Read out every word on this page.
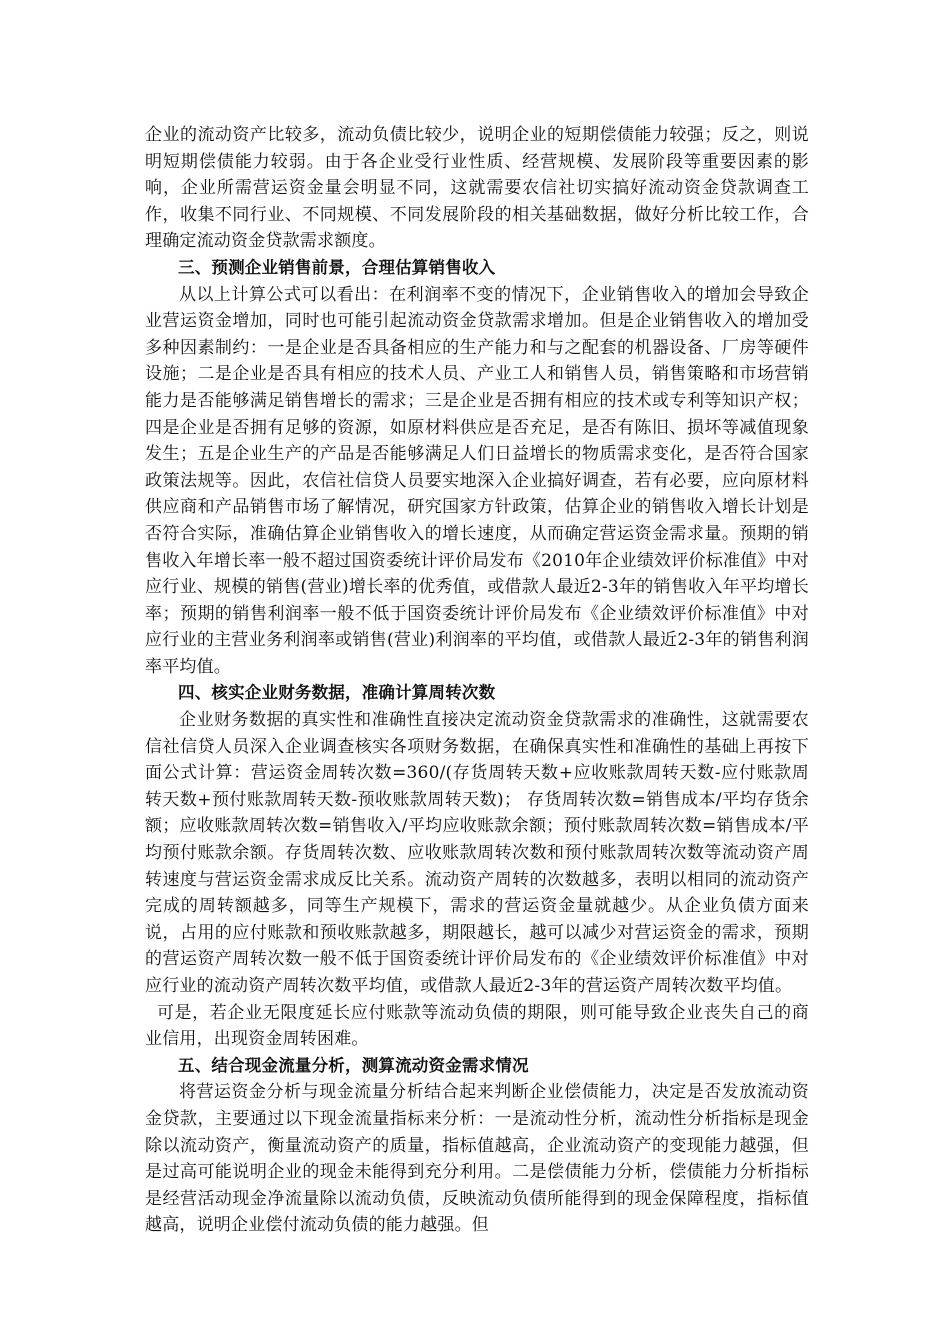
企业的流动资产比较多，流动负债比较少，说明企业的短期偿债能力较强；反之，则说明短期偿债能力较弱。由于各企业受行业性质、经营规模、发展阶段等重要因素的影响，企业所需营运资金量会明显不同，这就需要农信社切实搞好流动资金贷款调查工作，收集不同行业、不同规模、不同发展阶段的相关基础数据，做好分析比较工作，合理确定流动资金贷款需求额度。

三、预测企业销售前景，合理估算销售收入

从以上计算公式可以看出：在利润率不变的情况下，企业销售收入的增加会导致企业营运资金增加，同时也可能引起流动资金贷款需求增加。但是企业销售收入的增加受多种因素制约：一是企业是否具备相应的生产能力和与之配套的机器设备、厂房等硬件设施；二是企业是否具有相应的技术人员、产业工人和销售人员，销售策略和市场营销能力是否能够满足销售增长的需求；三是企业是否拥有相应的技术或专利等知识产权；四是企业是否拥有足够的资源，如原材料供应是否充足，是否有陈旧、损坏等减值现象发生；五是企业生产的产品是否能够满足人们日益增长的物质需求变化，是否符合国家政策法规等。因此，农信社信贷人员要实地深入企业搞好调查，若有必要，应向原材料供应商和产品销售市场了解情况，研究国家方针政策，估算企业的销售收入增长计划是否符合实际，准确估算企业销售收入的增长速度，从而确定营运资金需求量。预期的销售收入年增长率一般不超过国资委统计评价局发布《2010年企业绩效评价标准值》中对应行业、规模的销售(营业)增长率的优秀值，或借款人最近2-3年的销售收入年平均增长率；预期的销售利润率一般不低于国资委统计评价局发布《企业绩效评价标准值》中对应行业的主营业务利润率或销售(营业)利润率的平均值，或借款人最近2-3年的销售利润率平均值。

四、核实企业财务数据，准确计算周转次数

企业财务数据的真实性和准确性直接决定流动资金贷款需求的准确性，这就需要农信社信贷人员深入企业调查核实各项财务数据，在确保真实性和准确性的基础上再按下面公式计算：营运资金周转次数=360/(存货周转天数+应收账款周转天数-应付账款周转天数+预付账款周转天数-预收账款周转天数)； 存货周转次数=销售成本/平均存货余额；应收账款周转次数=销售收入/平均应收账款余额；预付账款周转次数=销售成本/平均预付账款余额。存货周转次数、应收账款周转次数和预付账款周转次数等流动资产周转速度与营运资金需求成反比关系。流动资产周转的次数越多，表明以相同的流动资产完成的周转额越多，同等生产规模下，需求的营运资金量就越少。从企业负债方面来说，占用的应付账款和预收账款越多，期限越长，越可以减少对营运资金的需求，预期的营运资产周转次数一般不低于国资委统计评价局发布的《企业绩效评价标准值》中对应行业的流动资产周转次数平均值，或借款人最近2-3年的营运资产周转次数平均值。

可是，若企业无限度延长应付账款等流动负债的期限，则可能导致企业丧失自己的商业信用，出现资金周转困难。

五、结合现金流量分析，测算流动资金需求情况

将营运资金分析与现金流量分析结合起来判断企业偿债能力，决定是否发放流动资金贷款，主要通过以下现金流量指标来分析：一是流动性分析，流动性分析指标是现金除以流动资产，衡量流动资产的质量，指标值越高，企业流动资产的变现能力越强，但是过高可能说明企业的现金未能得到充分利用。二是偿债能力分析，偿债能力分析指标是经营活动现金净流量除以流动负债，反映流动负债所能得到的现金保障程度，指标值越高，说明企业偿付流动负债的能力越强。但
